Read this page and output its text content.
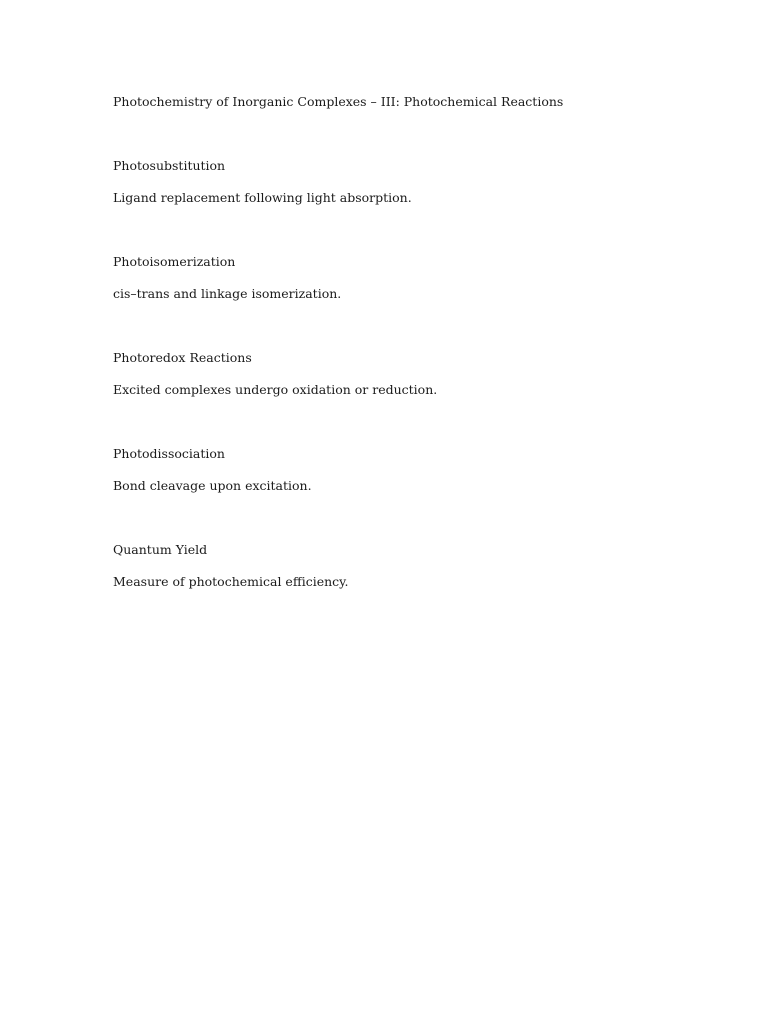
Photochemistry of Inorganic Complexes – III: Photochemical Reactions
Photosubstitution
Ligand replacement following light absorption.
Photoisomerization
cis–trans and linkage isomerization.
Photoredox Reactions
Excited complexes undergo oxidation or reduction.
Photodissociation
Bond cleavage upon excitation.
Quantum Yield
Measure of photochemical efficiency.
